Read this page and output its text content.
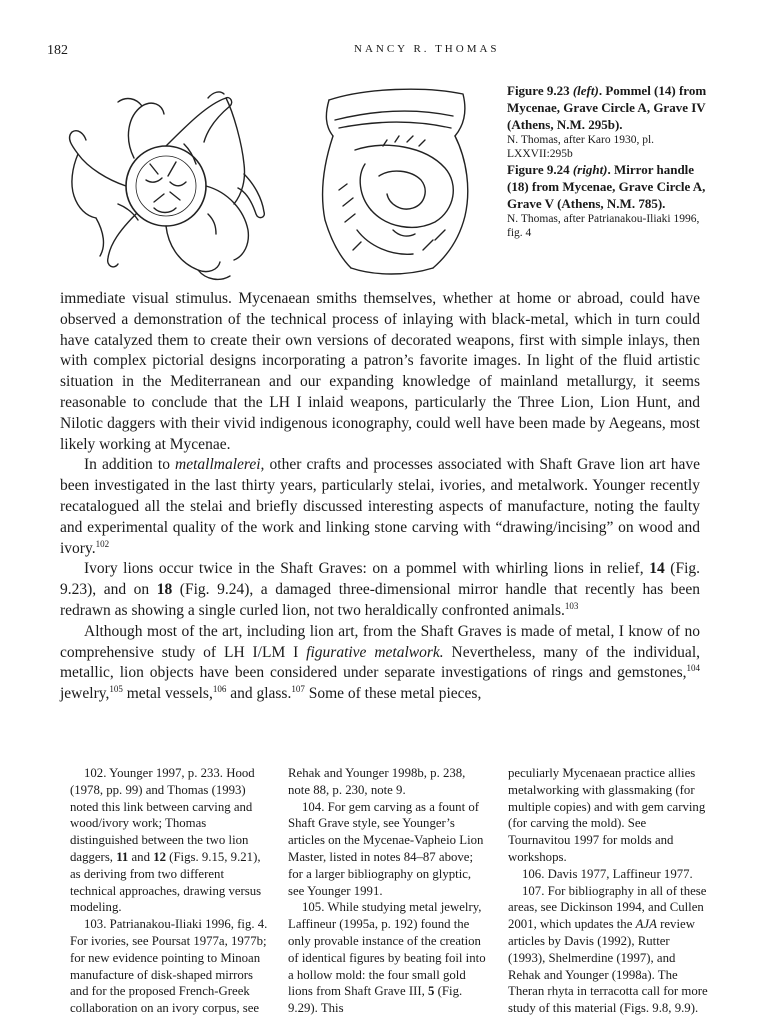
182	NANCY R. THOMAS
Figure 9.23 (left). Pommel (14) from Mycenae, Grave Circle A, Grave IV (Athens, N.M. 295b).
N. Thomas, after Karo 1930, pl. LXXVII:295b
Figure 9.24 (right). Mirror handle (18) from Mycenae, Grave Circle A, Grave V (Athens, N.M. 785).
N. Thomas, after Patrianakou-Iliaki 1996, fig. 4

immediate visual stimulus. Mycenaean smiths themselves, whether at home or abroad, could have observed a demonstration of the technical process of inlaying with black-metal, which in turn could have catalyzed them to create their own versions of decorated weapons, first with simple inlays, then with complex pictorial designs incorporating a patron’s favorite images. In light of the fluid artistic situation in the Mediterranean and our expanding knowledge of mainland metallurgy, it seems reasonable to conclude that the LH I inlaid weapons, particularly the Three Lion, Lion Hunt, and Nilotic daggers with their vivid indigenous iconography, could well have been made by Aegeans, most likely working at Mycenae.

In addition to metallmalerei, other crafts and processes associated with Shaft Grave lion art have been investigated in the last thirty years, particularly stelai, ivories, and metalwork. Younger recently recatalogued all the stelai and briefly discussed interesting aspects of manufacture, noting the faulty and experimental quality of the work and linking stone carving with “drawing/incising” on wood and ivory.$^{102}$

Ivory lions occur twice in the Shaft Graves: on a pommel with whirling lions in relief, 14 (Fig. 9.23), and on 18 (Fig. 9.24), a damaged three-dimensional mirror handle that recently has been redrawn as showing a single curled lion, not two heraldically confronted animals.$^{103}$

Although most of the art, including lion art, from the Shaft Graves is made of metal, I know of no comprehensive study of LH I/LM I figurative metalwork. Nevertheless, many of the individual, metallic, lion objects have been considered under separate investigations of rings and gemstones,$^{104}$ jewelry,$^{105}$ metal vessels,$^{106}$ and glass.$^{107}$ Some of these metal pieces,

102. Younger 1997, p. 233. Hood (1978, pp. 99) and Thomas (1993) noted this link between carving and wood/ivory work; Thomas distinguished between the two lion daggers, 11 and 12 (Figs. 9.15, 9.21), as deriving from two different technical approaches, drawing versus modeling.

103. Patrianakou-Iliaki 1996, fig. 4. For ivories, see Poursat 1977a, 1977b; for new evidence pointing to Minoan manufacture of disk-shaped mirrors and for the proposed French-Greek collaboration on an ivory corpus, see

Rehak and Younger 1998b, p. 238, note 88, p. 230, note 9.

104. For gem carving as a fount of Shaft Grave style, see Younger’s articles on the Mycenae-Vapheio Lion Master, listed in notes 84–87 above; for a larger bibliography on glyptic, see Younger 1991.

105. While studying metal jewelry, Laffineur (1995a, p. 192) found the only provable instance of the creation of identical figures by beating foil into a hollow mold: the four small gold lions from Shaft Grave III, 5 (Fig. 9.29). This

peculiarly Mycenaean practice allies metalworking with glassmaking (for multiple copies) and with gem carving (for carving the mold). See Tournavitou 1997 for molds and workshops.

106. Davis 1977, Laffineur 1977.

107. For bibliography in all of these areas, see Dickinson 1994, and Cullen 2001, which updates the AJA review articles by Davis (1992), Rutter (1993), Shelmerdine (1997), and Rehak and Younger (1998a). The Theran rhyta in terracotta call for more study of this material (Figs. 9.8, 9.9).
